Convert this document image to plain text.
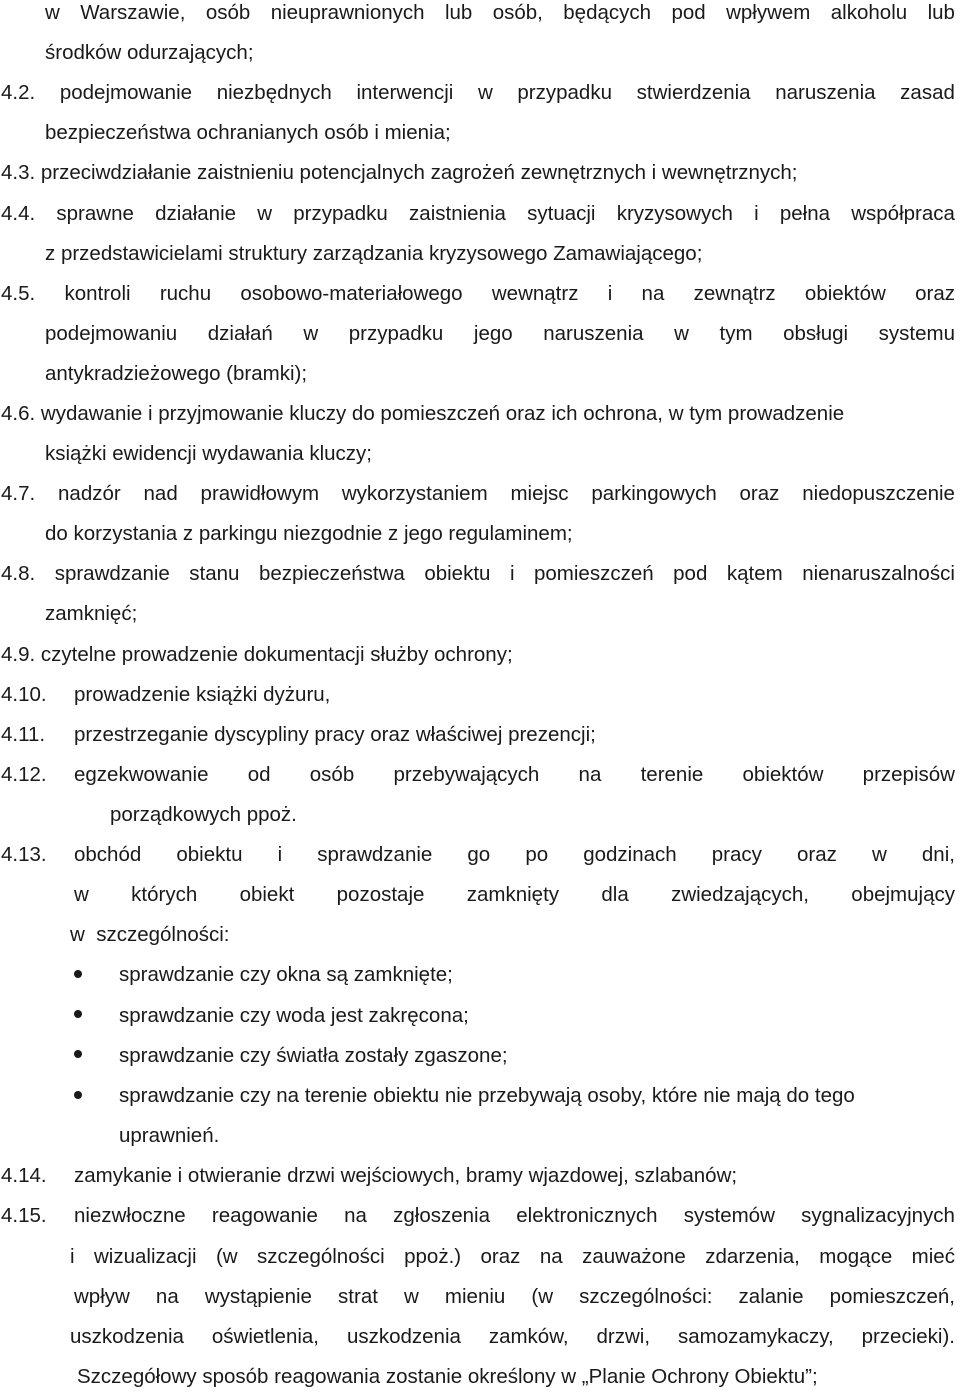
w Warszawie, osób nieuprawnionych lub osób, będących pod wpływem alkoholu lub
środków odurzających;
4.2. podejmowanie niezbędnych interwencji w przypadku stwierdzenia naruszenia zasad
bezpieczeństwa ochranianych osób i mienia;
4.3. przeciwdziałanie zaistnieniu potencjalnych zagrożeń zewnętrznych i wewnętrznych;
4.4. sprawne działanie w przypadku zaistnienia sytuacji kryzysowych i pełna współpraca
z przedstawicielami struktury zarządzania kryzysowego Zamawiającego;
4.5. kontroli ruchu osobowo-materiałowego wewnątrz i na zewnątrz obiektów oraz
podejmowaniu działań w przypadku jego naruszenia w tym obsługi systemu
antykradzieżowego (bramki);
4.6. wydawanie i przyjmowanie kluczy do pomieszczeń oraz ich ochrona, w tym prowadzenie
książki ewidencji wydawania kluczy;
4.7. nadzór nad prawidłowym wykorzystaniem miejsc parkingowych oraz niedopuszczenie
do korzystania z parkingu niezgodnie z jego regulaminem;
4.8. sprawdzanie stanu bezpieczeństwa obiektu i pomieszczeń pod kątem nienaruszalności
zamknięć;
4.9. czytelne prowadzenie dokumentacji służby ochrony;
4.10. prowadzenie książki dyżuru,
4.11. przestrzeganie dyscypliny pracy oraz właściwej prezencji;
4.12. egzekwowanie od osób przebywających na terenie obiektów przepisów
porządkowych ppoż.
4.13. obchód obiektu i sprawdzanie go po godzinach pracy oraz w dni,
w których obiekt pozostaje zamknięty dla zwiedzających, obejmujący
w  szczególności:
sprawdzanie czy okna są zamknięte;
sprawdzanie czy woda jest zakręcona;
sprawdzanie czy światła zostały zgaszone;
sprawdzanie czy na terenie obiektu nie przebywają osoby, które nie mają do tego
uprawnień.
4.14. zamykanie i otwieranie drzwi wejściowych, bramy wjazdowej, szlabanów;
4.15. niezwłoczne reagowanie na zgłoszenia elektronicznych systemów sygnalizacyjnych
i wizualizacji (w szczególności ppoż.) oraz na zauważone zdarzenia, mogące mieć
wpływ na wystąpienie strat w mieniu (w szczególności: zalanie pomieszczeń,
uszkodzenia oświetlenia, uszkodzenia zamków, drzwi, samozamykaczy, przecieki).
Szczegółowy sposób reagowania zostanie określony w „Planie Ochrony Obiektu”;
